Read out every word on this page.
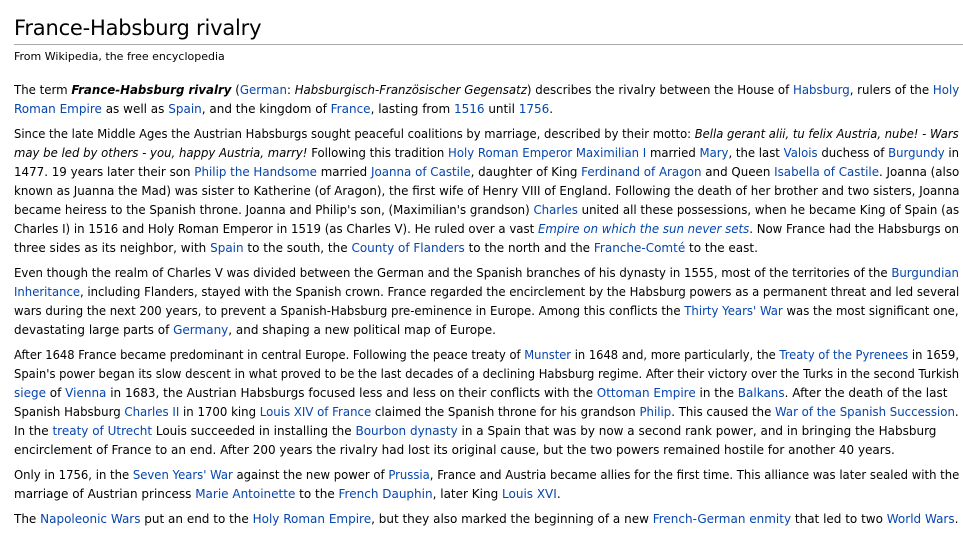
France-Habsburg rivalry
From Wikipedia, the free encyclopedia

The term France-Habsburg rivalry (German: Habsburgisch-Französischer Gegensatz) describes the rivalry between the House of Habsburg, rulers of the Holy
Roman Empire as well as Spain, and the kingdom of France, lasting from 1516 until 1756.

Since the late Middle Ages the Austrian Habsburgs sought peaceful coalitions by marriage, described by their motto: Bella gerant alii, tu felix Austria, nube! - Wars
may be led by others - you, happy Austria, marry! Following this tradition Holy Roman Emperor Maximilian I married Mary, the last Valois duchess of Burgundy in
1477. 19 years later their son Philip the Handsome married Joanna of Castile, daughter of King Ferdinand of Aragon and Queen Isabella of Castile. Joanna (also
known as Juanna the Mad) was sister to Katherine (of Aragon), the first wife of Henry VIII of England. Following the death of her brother and two sisters, Joanna
became heiress to the Spanish throne. Joanna and Philip's son, (Maximilian's grandson) Charles united all these possessions, when he became King of Spain (as
Charles I) in 1516 and Holy Roman Emperor in 1519 (as Charles V). He ruled over a vast Empire on which the sun never sets. Now France had the Habsburgs on
three sides as its neighbor, with Spain to the south, the County of Flanders to the north and the Franche-Comté to the east.

Even though the realm of Charles V was divided between the German and the Spanish branches of his dynasty in 1555, most of the territories of the Burgundian
Inheritance, including Flanders, stayed with the Spanish crown. France regarded the encirclement by the Habsburg powers as a permanent threat and led several
wars during the next 200 years, to prevent a Spanish-Habsburg pre-eminence in Europe. Among this conflicts the Thirty Years' War was the most significant one,
devastating large parts of Germany, and shaping a new political map of Europe.

After 1648 France became predominant in central Europe. Following the peace treaty of Munster in 1648 and, more particularly, the Treaty of the Pyrenees in 1659,
Spain's power began its slow descent in what proved to be the last decades of a declining Habsburg regime. After their victory over the Turks in the second Turkish
siege of Vienna in 1683, the Austrian Habsburgs focused less and less on their conflicts with the Ottoman Empire in the Balkans. After the death of the last
Spanish Habsburg Charles II in 1700 king Louis XIV of France claimed the Spanish throne for his grandson Philip. This caused the War of the Spanish Succession.
In the treaty of Utrecht Louis succeeded in installing the Bourbon dynasty in a Spain that was by now a second rank power, and in bringing the Habsburg
encirclement of France to an end. After 200 years the rivalry had lost its original cause, but the two powers remained hostile for another 40 years.

Only in 1756, in the Seven Years' War against the new power of Prussia, France and Austria became allies for the first time. This alliance was later sealed with the
marriage of Austrian princess Marie Antoinette to the French Dauphin, later King Louis XVI.

The Napoleonic Wars put an end to the Holy Roman Empire, but they also marked the beginning of a new French-German enmity that led to two World Wars.
